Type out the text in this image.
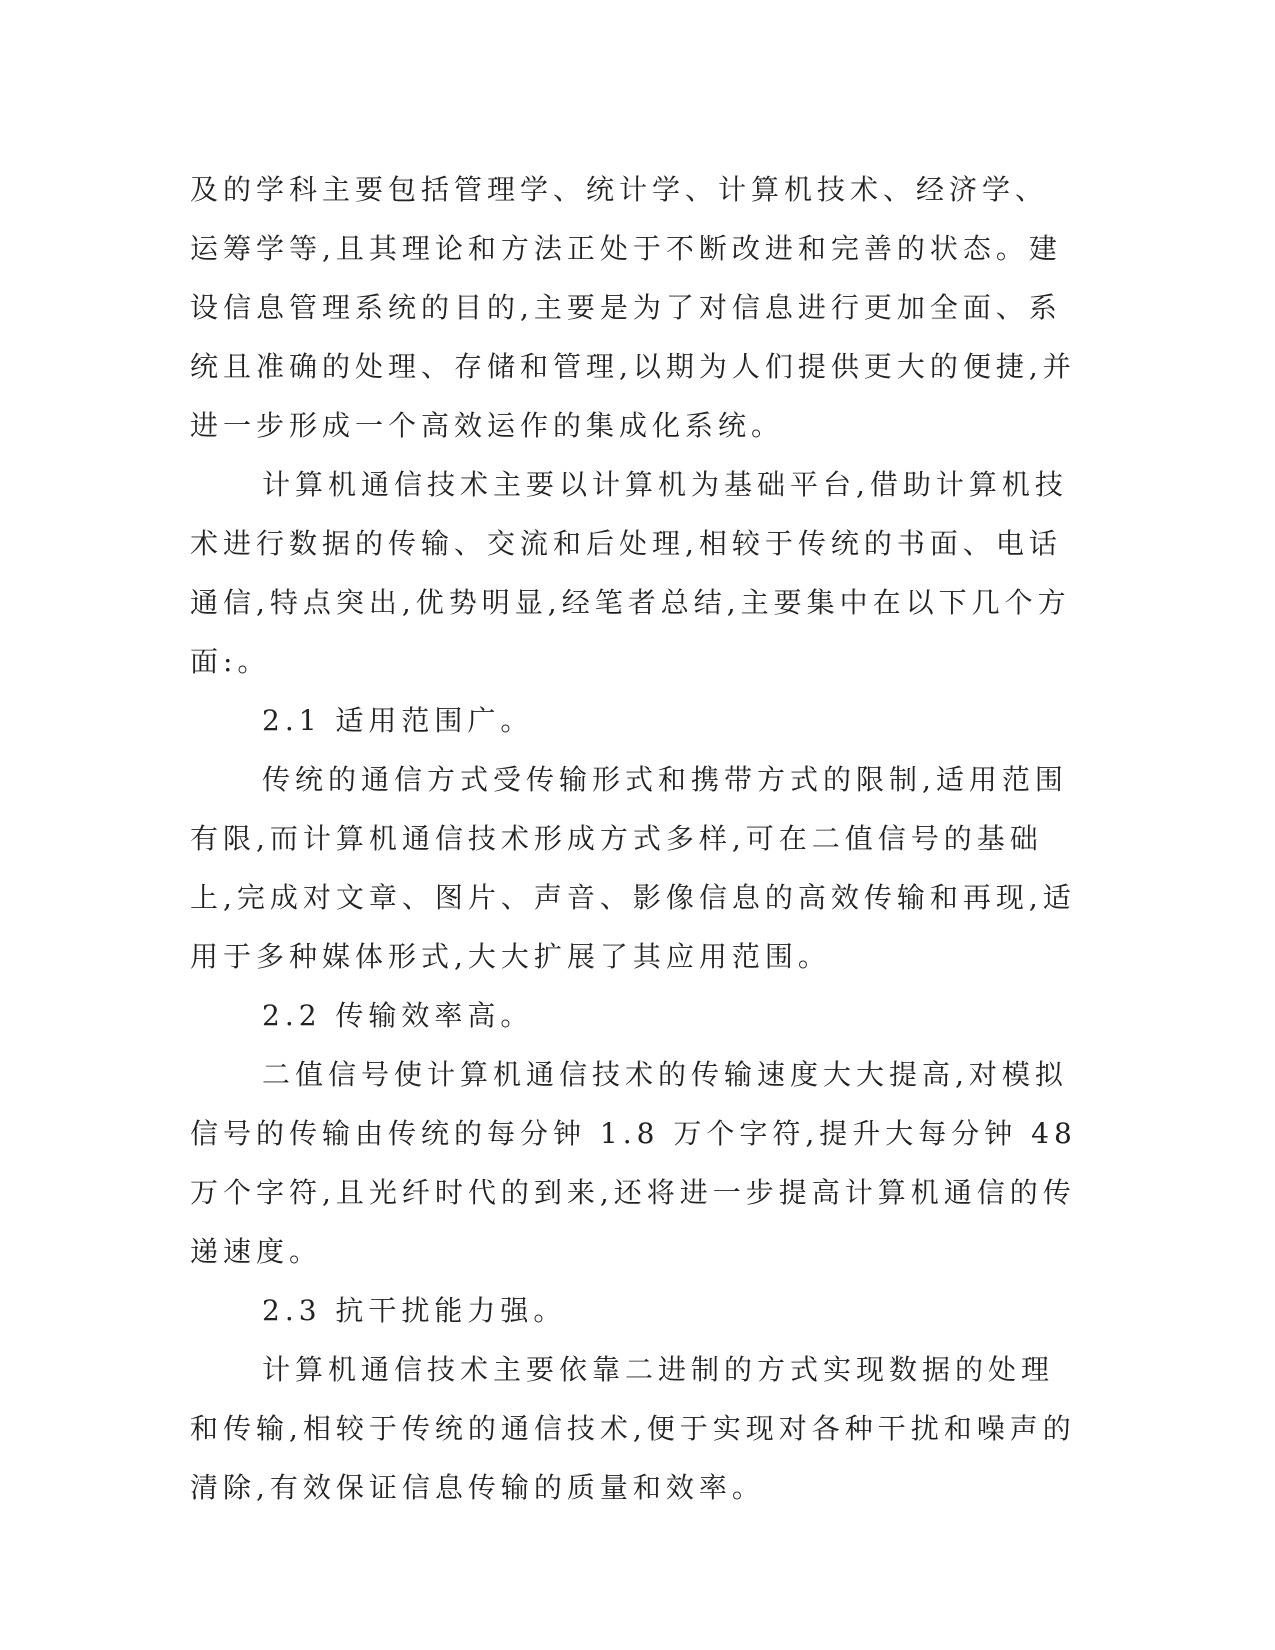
及的学科主要包括管理学、统计学、计算机技术、经济学、运筹学等,且其理论和方法正处于不断改进和完善的状态。建设信息管理系统的目的,主要是为了对信息进行更加全面、系统且准确的处理、存储和管理,以期为人们提供更大的便捷,并进一步形成一个高效运作的集成化系统。

计算机通信技术主要以计算机为基础平台,借助计算机技术进行数据的传输、交流和后处理,相较于传统的书面、电话通信,特点突出,优势明显,经笔者总结,主要集中在以下几个方面:。

2.1 适用范围广。

传统的通信方式受传输形式和携带方式的限制,适用范围有限,而计算机通信技术形成方式多样,可在二值信号的基础上,完成对文章、图片、声音、影像信息的高效传输和再现,适用于多种媒体形式,大大扩展了其应用范围。

2.2 传输效率高。

二值信号使计算机通信技术的传输速度大大提高,对模拟信号的传输由传统的每分钟 1.8 万个字符,提升大每分钟 48 万个字符,且光纤时代的到来,还将进一步提高计算机通信的传递速度。

2.3 抗干扰能力强。

计算机通信技术主要依靠二进制的方式实现数据的处理和传输,相较于传统的通信技术,便于实现对各种干扰和噪声的清除,有效保证信息传输的质量和效率。
